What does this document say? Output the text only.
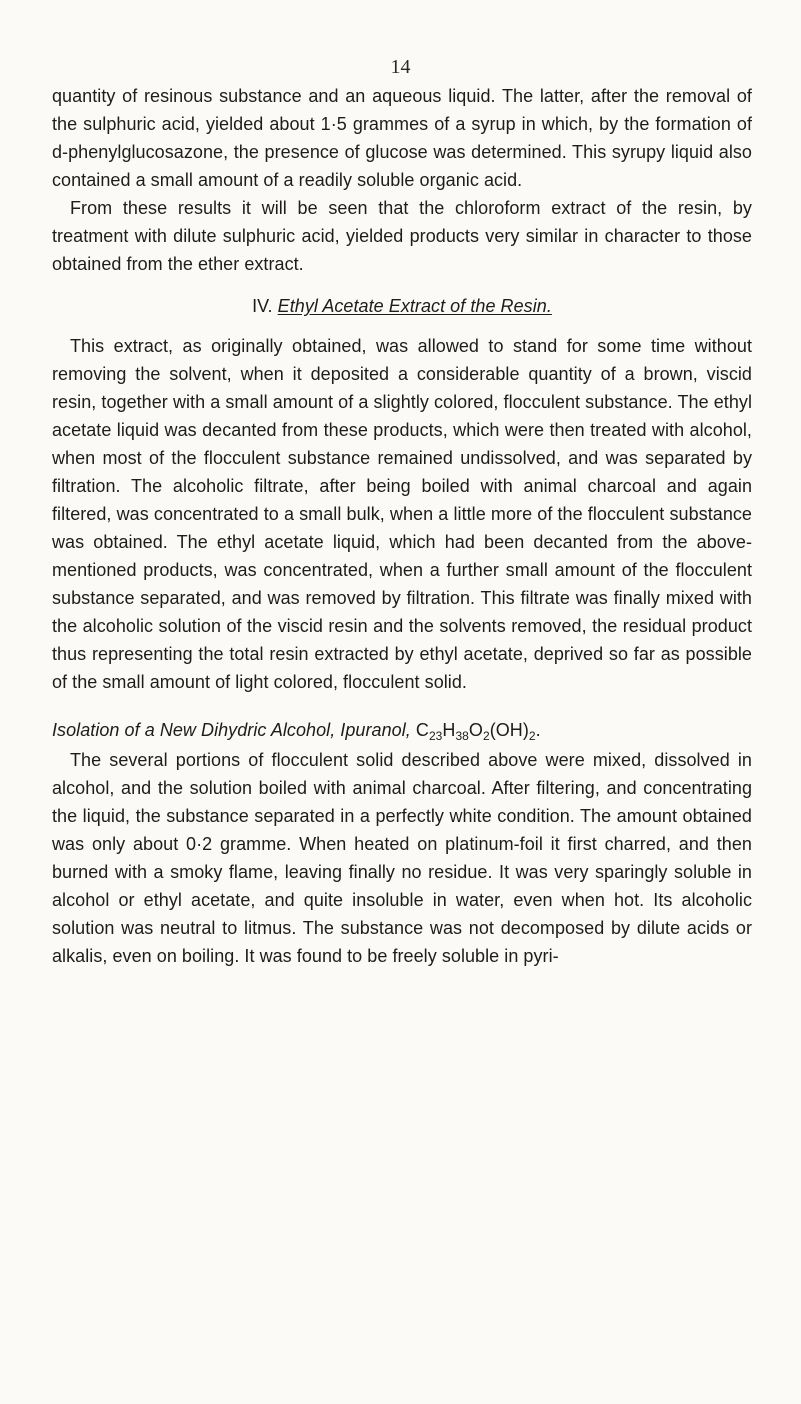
14

quantity of resinous substance and an aqueous liquid. The latter, after the removal of the sulphuric acid, yielded about 1·5 grammes of a syrup in which, by the formation of d-phenylglucosazone, the presence of glucose was determined. This syrupy liquid also contained a small amount of a readily soluble organic acid.

From these results it will be seen that the chloroform extract of the resin, by treatment with dilute sulphuric acid, yielded products very similar in character to those obtained from the ether extract.

IV. Ethyl Acetate Extract of the Resin.

This extract, as originally obtained, was allowed to stand for some time without removing the solvent, when it deposited a considerable quantity of a brown, viscid resin, together with a small amount of a slightly colored, flocculent substance. The ethyl acetate liquid was decanted from these products, which were then treated with alcohol, when most of the flocculent substance remained undissolved, and was separated by filtration. The alcoholic filtrate, after being boiled with animal charcoal and again filtered, was concentrated to a small bulk, when a little more of the flocculent substance was obtained. The ethyl acetate liquid, which had been decanted from the above-mentioned products, was concentrated, when a further small amount of the flocculent substance separated, and was removed by filtration. This filtrate was finally mixed with the alcoholic solution of the viscid resin and the solvents removed, the residual product thus representing the total resin extracted by ethyl acetate, deprived so far as possible of the small amount of light colored, flocculent solid.

Isolation of a New Dihydric Alcohol, Ipuranol, $C_{23}H_{38}O_2(OH)_2$.

The several portions of flocculent solid described above were mixed, dissolved in alcohol, and the solution boiled with animal charcoal. After filtering, and concentrating the liquid, the substance separated in a perfectly white condition. The amount obtained was only about 0·2 gramme. When heated on platinum-foil it first charred, and then burned with a smoky flame, leaving finally no residue. It was very sparingly soluble in alcohol or ethyl acetate, and quite insoluble in water, even when hot. Its alcoholic solution was neutral to litmus. The substance was not decomposed by dilute acids or alkalis, even on boiling. It was found to be freely soluble in pyri-
